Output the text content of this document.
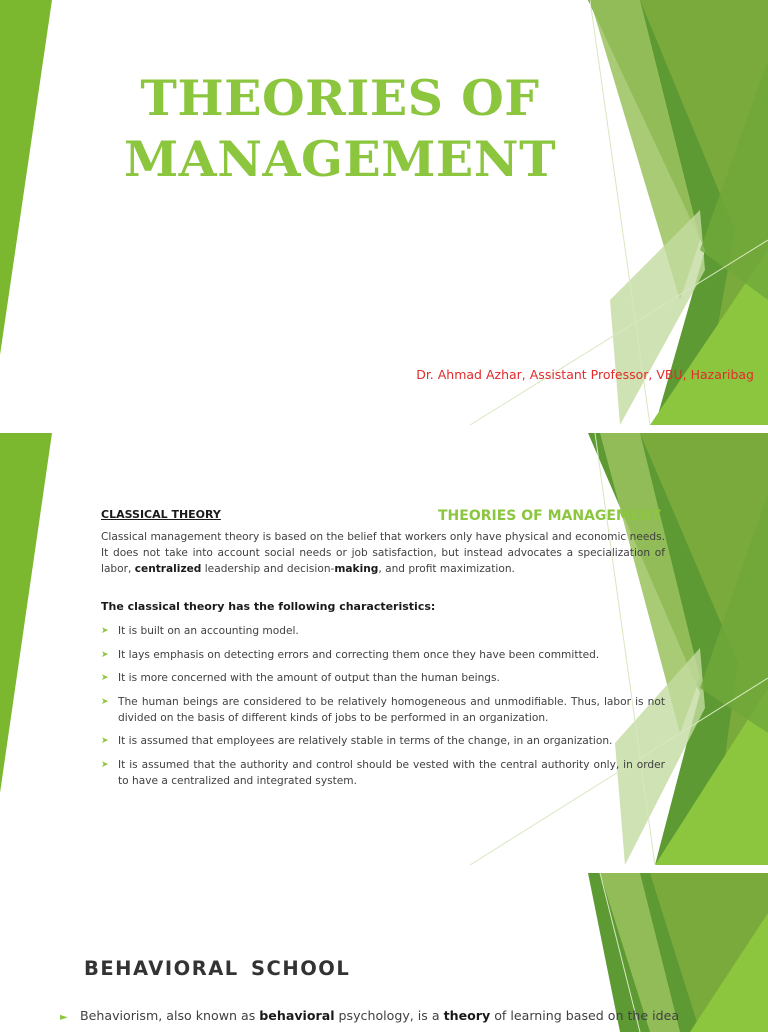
THEORIES OF
MANAGEMENT
Dr. Ahmad Azhar, Assistant Professor, VBU, Hazaribag
THEORIES OF MANAGEMENT
CLASSICAL THEORY
Classical management theory is based on the belief that workers only have physical and economic needs. It does not take into account social needs or job satisfaction, but instead advocates a specialization of labor, centralized leadership and decision-making, and profit maximization.
The classical theory has the following characteristics:
➤ It is built on an accounting model.
➤ It lays emphasis on detecting errors and correcting them once they have been committed.
➤ It is more concerned with the amount of output than the human beings.
➤ The human beings are considered to be relatively homogeneous and unmodifiable. Thus, labor is not divided on the basis of different kinds of jobs to be performed in an organization.
➤ It is assumed that employees are relatively stable in terms of the change, in an organization.
➤ It is assumed that the authority and control should be vested with the central authority only, in order to have a centralized and integrated system.
BEHAVIORAL SCHOOL
► Behaviorism, also known as behavioral psychology, is a theory of learning based on the idea
